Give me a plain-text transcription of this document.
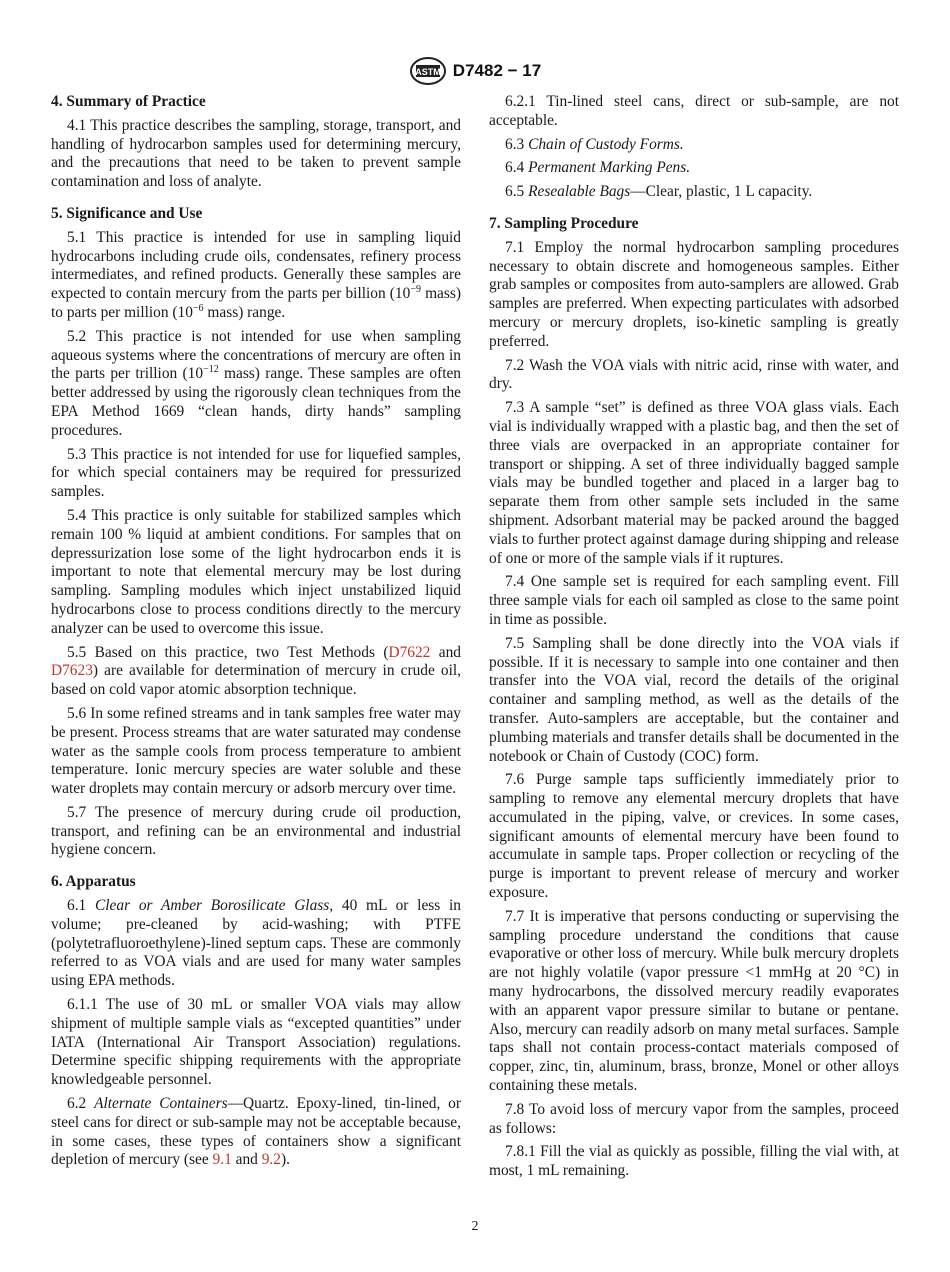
ASTM D7482 − 17
4. Summary of Practice

4.1 This practice describes the sampling, storage, transport, and handling of hydrocarbon samples used for determining mercury, and the precautions that need to be taken to prevent sample contamination and loss of analyte.

5. Significance and Use

5.1 This practice is intended for use in sampling liquid hydrocarbons including crude oils, condensates, refinery process intermediates, and refined products. Generally these samples are expected to contain mercury from the parts per billion ($10^{-9}$ mass) to parts per million ($10^{-6}$ mass) range.

5.2 This practice is not intended for use when sampling aqueous systems where the concentrations of mercury are often in the parts per trillion ($10^{-12}$ mass) range. These samples are often better addressed by using the rigorously clean techniques from the EPA Method 1669 “clean hands, dirty hands” sampling procedures.

5.3 This practice is not intended for use for liquefied samples, for which special containers may be required for pressurized samples.

5.4 This practice is only suitable for stabilized samples which remain 100 % liquid at ambient conditions. For samples that on depressurization lose some of the light hydrocarbon ends it is important to note that elemental mercury may be lost during sampling. Sampling modules which inject unstabilized liquid hydrocarbons close to process conditions directly to the mercury analyzer can be used to overcome this issue.

5.5 Based on this practice, two Test Methods (D7622 and D7623) are available for determination of mercury in crude oil, based on cold vapor atomic absorption technique.

5.6 In some refined streams and in tank samples free water may be present. Process streams that are water saturated may condense water as the sample cools from process temperature to ambient temperature. Ionic mercury species are water soluble and these water droplets may contain mercury or adsorb mercury over time.

5.7 The presence of mercury during crude oil production, transport, and refining can be an environmental and industrial hygiene concern.

6. Apparatus

6.1 Clear or Amber Borosilicate Glass, 40 mL or less in volume; pre-cleaned by acid-washing; with PTFE (polytetrafluoroethylene)-lined septum caps. These are commonly referred to as VOA vials and are used for many water samples using EPA methods.

6.1.1 The use of 30 mL or smaller VOA vials may allow shipment of multiple sample vials as “excepted quantities” under IATA (International Air Transport Association) regulations. Determine specific shipping requirements with the appropriate knowledgeable personnel.

6.2 Alternate Containers—Quartz. Epoxy-lined, tin-lined, or steel cans for direct or sub-sample may not be acceptable because, in some cases, these types of containers show a significant depletion of mercury (see 9.1 and 9.2).

6.2.1 Tin-lined steel cans, direct or sub-sample, are not acceptable.

6.3 Chain of Custody Forms.

6.4 Permanent Marking Pens.

6.5 Resealable Bags—Clear, plastic, 1 L capacity.

7. Sampling Procedure

7.1 Employ the normal hydrocarbon sampling procedures necessary to obtain discrete and homogeneous samples. Either grab samples or composites from auto-samplers are allowed. Grab samples are preferred. When expecting particulates with adsorbed mercury or mercury droplets, iso-kinetic sampling is greatly preferred.

7.2 Wash the VOA vials with nitric acid, rinse with water, and dry.

7.3 A sample “set” is defined as three VOA glass vials. Each vial is individually wrapped with a plastic bag, and then the set of three vials are overpacked in an appropriate container for transport or shipping. A set of three individually bagged sample vials may be bundled together and placed in a larger bag to separate them from other sample sets included in the same shipment. Adsorbant material may be packed around the bagged vials to further protect against damage during shipping and release of one or more of the sample vials if it ruptures.

7.4 One sample set is required for each sampling event. Fill three sample vials for each oil sampled as close to the same point in time as possible.

7.5 Sampling shall be done directly into the VOA vials if possible. If it is necessary to sample into one container and then transfer into the VOA vial, record the details of the original container and sampling method, as well as the details of the transfer. Auto-samplers are acceptable, but the container and plumbing materials and transfer details shall be documented in the notebook or Chain of Custody (COC) form.

7.6 Purge sample taps sufficiently immediately prior to sampling to remove any elemental mercury droplets that have accumulated in the piping, valve, or crevices. In some cases, significant amounts of elemental mercury have been found to accumulate in sample taps. Proper collection or recycling of the purge is important to prevent release of mercury and worker exposure.

7.7 It is imperative that persons conducting or supervising the sampling procedure understand the conditions that cause evaporative or other loss of mercury. While bulk mercury droplets are not highly volatile (vapor pressure <1 mmHg at 20 °C) in many hydrocarbons, the dissolved mercury readily evaporates with an apparent vapor pressure similar to butane or pentane. Also, mercury can readily adsorb on many metal surfaces. Sample taps shall not contain process-contact materials composed of copper, zinc, tin, aluminum, brass, bronze, Monel or other alloys containing these metals.

7.8 To avoid loss of mercury vapor from the samples, proceed as follows:

7.8.1 Fill the vial as quickly as possible, filling the vial with, at most, 1 mL remaining.

2
